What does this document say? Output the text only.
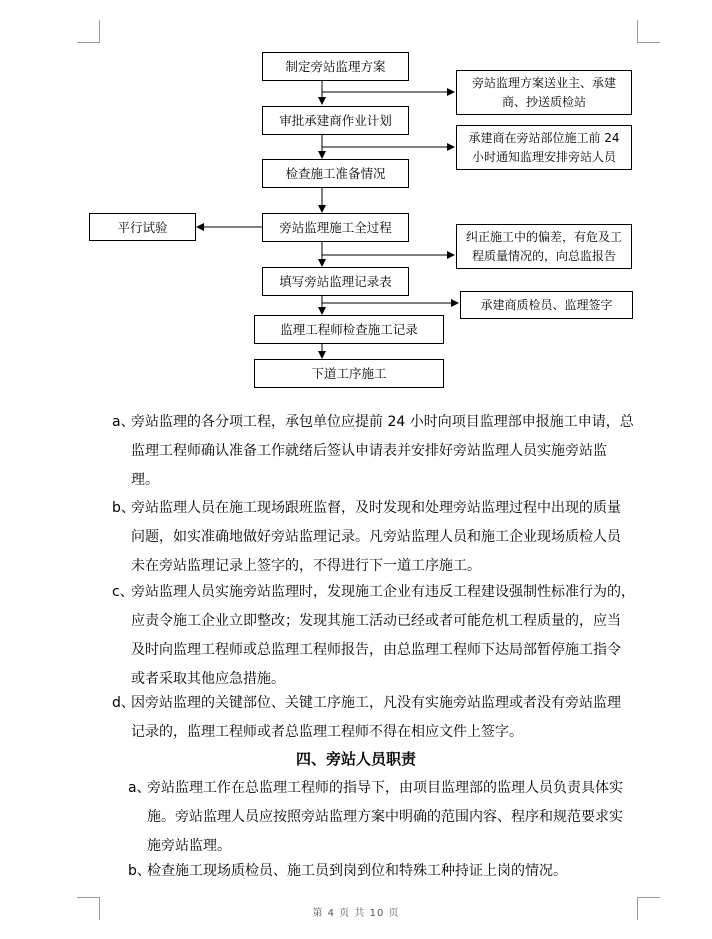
制定旁站监理方案
审批承建商作业计划
检查施工准备情况
旁站监理施工全过程
填写旁站监理记录表
监理工程师检查施工记录
下道工序施工
旁站监理方案送业主、承建
商、抄送质检站
承建商在旁站部位施工前 24
小时通知监理安排旁站人员
纠正施工中的偏差，有危及工
程质量情况的，向总监报告
承建商质检员、监理签字
平行试验
a、
旁站监理的各分项工程，承包单位应提前 24 小时向项目监理部申报施工申请，总
监理工程师确认准备工作就绪后签认申请表并安排好旁站监理人员实施旁站监
理。
b、
旁站监理人员在施工现场跟班监督，及时发现和处理旁站监理过程中出现的质量
问题，如实准确地做好旁站监理记录。凡旁站监理人员和施工企业现场质检人员
未在旁站监理记录上签字的，不得进行下一道工序施工。
c、
旁站监理人员实施旁站监理时，发现施工企业有违反工程建设强制性标准行为的，
应责令施工企业立即整改；发现其施工活动已经或者可能危机工程质量的，应当
及时向监理工程师或总监理工程师报告，由总监理工程师下达局部暂停施工指令
或者采取其他应急措施。
d、
因旁站监理的关键部位、关键工序施工，凡没有实施旁站监理或者没有旁站监理
记录的，监理工程师或者总监理工程师不得在相应文件上签字。
四、旁站人员职责
a、
旁站监理工作在总监理工程师的指导下，由项目监理部的监理人员负责具体实
施。旁站监理人员应按照旁站监理方案中明确的范围内容、程序和规范要求实
施旁站监理。
b、
检查施工现场质检员、施工员到岗到位和特殊工种持证上岗的情况。
第 4 页 共 10 页
